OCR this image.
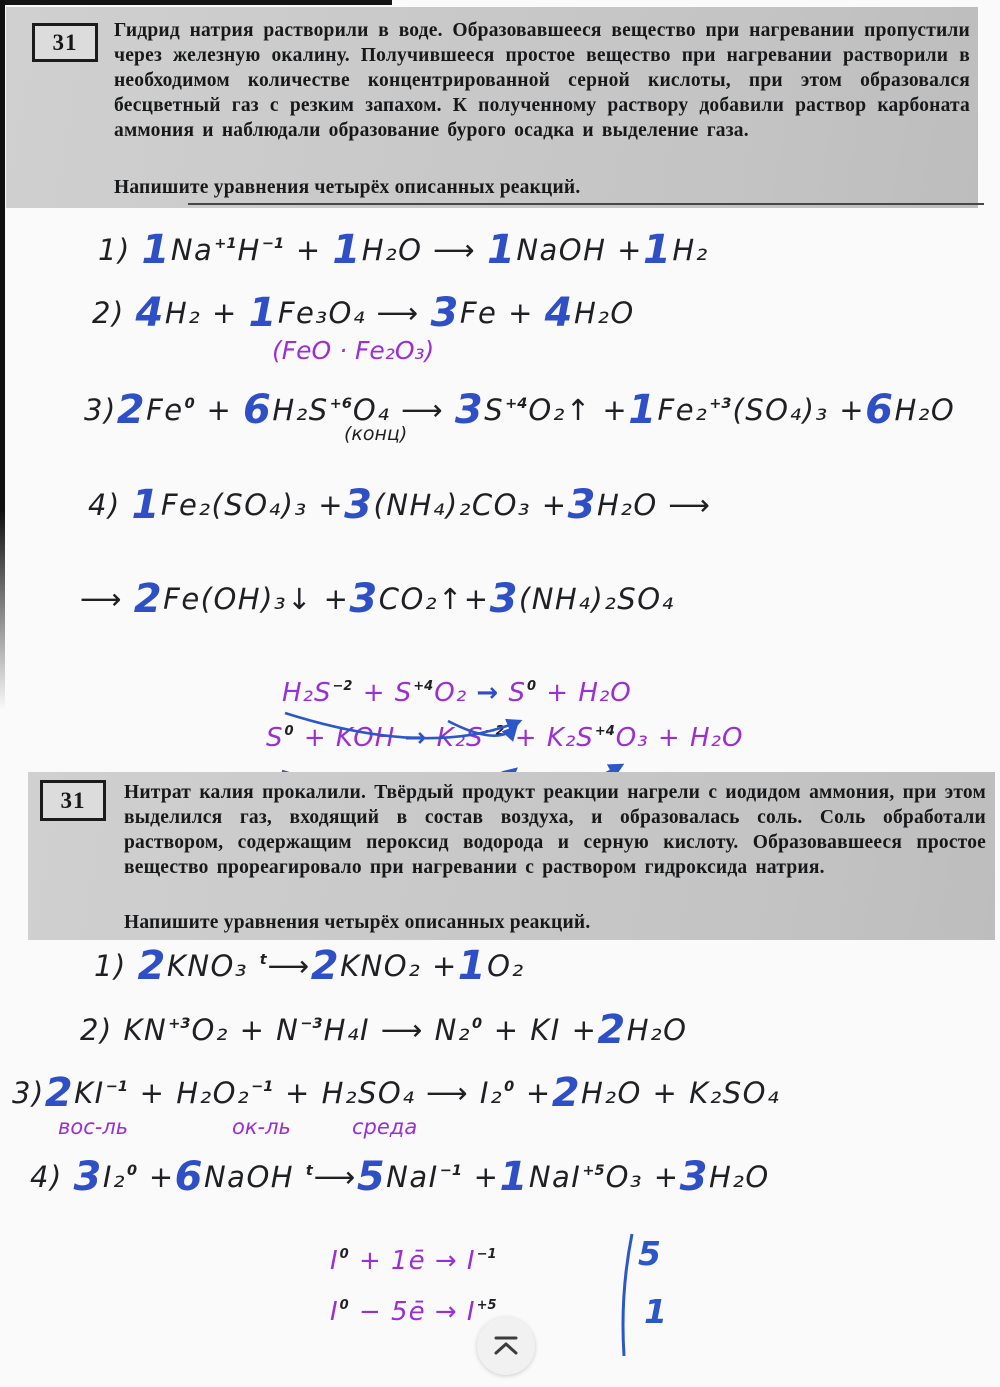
31 Гидрид натрия растворили в воде. Образовавшееся вещество при нагревании пропустили через железную окалину. Получившееся простое вещество при нагревании растворили в необходимом количестве концентрированной серной кислоты, при этом образовался бесцветный газ с резким запахом. К полученному раствору добавили раствор карбоната аммония и наблюдали образование бурого осадка и выделение газа.

Напишите уравнения четырёх описанных реакций.

1) $1Na^{+1}H^{-1} + 1H_2O$ ⟶ 1NaOH +1H₂
2) 4H₂ + 1Fe₃O₄ ⟶ 3Fe + 4H₂O
(FeO · Fe₂O₃)
$3)2Fe^0 + 6H_2S^{+6}O_4$ ⟶ $3S^{+4}O_2↑ +1Fe_2^{+3}(SO_4)_3 +6H_2O$
(конц)
4) 1Fe₂(SO₄)₃ +3(NH₄)₂CO₃ +3H₂O ⟶
⟶ 2Fe(OH)₃↓ +3CO₂↑+3(NH₄)₂SO₄
$H_2S^{-2} + S^{+4}O_2 \to S^0 + H_2O$
$S^0$ + KOH → $K_2S^{-2} + K_2S^{+4}O_3 + H_2O$
31 Нитрат калия прокалили. Твёрдый продукт реакции нагрели с иодидом аммония, при этом выделился газ, входящий в состав воздуха, и образовалась соль. Соль обработали раствором, содержащим пероксид водорода и серную кислоту. Образовавшееся простое вещество прореагировало при нагревании с раствором гидроксида натрия.

Напишите уравнения четырёх описанных реакций.

1) 2KNO₃ $^t$⟶2KNO₂ +1O₂
2) $KN^{+3}O_2 + N^{-3}H_4I$ ⟶ N₂$^0$ + KI +2H₂O
$3)2KI^{-1} + H_2O_2^{-1} + H_2SO_4$ ⟶ I₂$^0$ +2H₂O + K₂SO₄
вос-ль	ок-ль	среда
4) 3I₂$^0$ +6NaOH $^t$⟶5NaI$^{-1}$ +1NaI$^{+5}$O₃ +3H₂O
$I^0$ + 1ē → $I^{-1}$
$I^0$ − 5ē → $I^{+5}$
5
1
